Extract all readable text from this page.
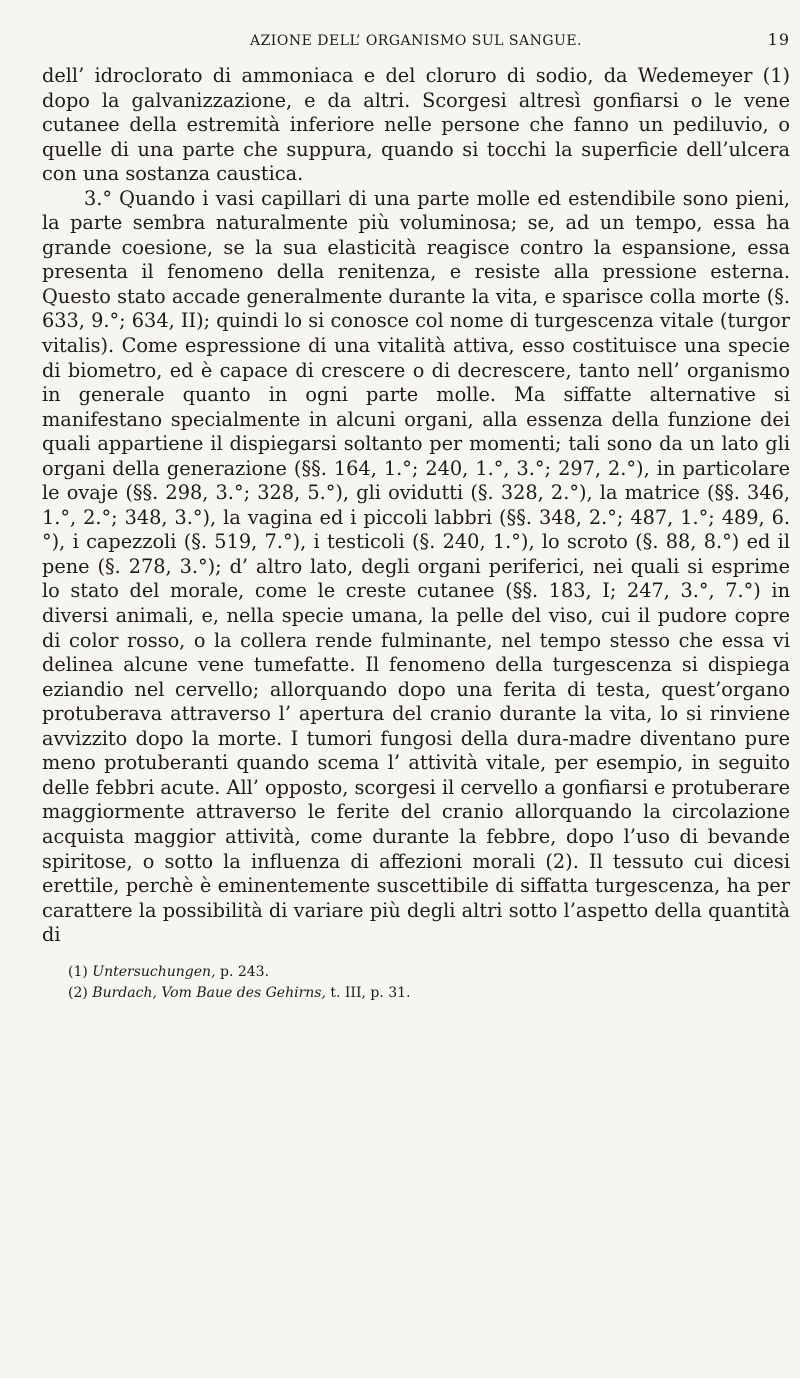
AZIONE DELL’ ORGANISMO SUL SANGUE.	19

dell’ idroclorato di ammoniaca e del cloruro di sodio, da Wedemeyer (1) dopo la galvanizzazione, e da altri. Scorgesi altresì gonfiarsi o le vene cutanee della estremità inferiore nelle persone che fanno un pediluvio, o quelle di una parte che suppura, quando si tocchi la superficie dell’ulcera con una sostanza caustica.

3.° Quando i vasi capillari di una parte molle ed estendibile sono pieni, la parte sembra naturalmente più voluminosa; se, ad un tempo, essa ha grande coesione, se la sua elasticità reagisce contro la espansione, essa presenta il fenomeno della renitenza, e resiste alla pressione esterna. Questo stato accade generalmente durante la vita, e sparisce colla morte (§. 633, 9.°; 634, II); quindi lo si conosce col nome di turgescenza vitale (turgor vitalis). Come espressione di una vitalità attiva, esso costituisce una specie di biometro, ed è capace di crescere o di decrescere, tanto nell’ organismo in generale quanto in ogni parte molle. Ma siffatte alternative si manifestano specialmente in alcuni organi, alla essenza della funzione dei quali appartiene il dispiegarsi soltanto per momenti; tali sono da un lato gli organi della generazione (§§. 164, 1.°; 240, 1.°, 3.°; 297, 2.°), in particolare le ovaje (§§. 298, 3.°; 328, 5.°), gli ovidutti (§. 328, 2.°), la matrice (§§. 346, 1.°, 2.°; 348, 3.°), la vagina ed i piccoli labbri (§§. 348, 2.°; 487, 1.°; 489, 6.°), i capezzoli (§. 519, 7.°), i testicoli (§. 240, 1.°), lo scroto (§. 88, 8.°) ed il pene (§. 278, 3.°); d’ altro lato, degli organi periferici, nei quali si esprime lo stato del morale, come le creste cutanee (§§. 183, I; 247, 3.°, 7.°) in diversi animali, e, nella specie umana, la pelle del viso, cui il pudore copre di color rosso, o la collera rende fulminante, nel tempo stesso che essa vi delinea alcune vene tumefatte. Il fenomeno della turgescenza si dispiega eziandio nel cervello; allorquando dopo una ferita di testa, quest’organo protuberava attraverso l’ apertura del cranio durante la vita, lo si rinviene avvizzito dopo la morte. I tumori fungosi della dura-madre diventano pure meno protuberanti quando scema l’ attività vitale, per esempio, in seguito delle febbri acute. All’ opposto, scorgesi il cervello a gonfiarsi e protuberare maggiormente attraverso le ferite del cranio allorquando la circolazione acquista maggior attività, come durante la febbre, dopo l’uso di bevande spiritose, o sotto la influenza di affezioni morali (2). Il tessuto cui dicesi erettile, perchè è eminentemente suscettibile di siffatta turgescenza, ha per carattere la possibilità di variare più degli altri sotto l’aspetto della quantità di

(1) Untersuchungen, p. 243.
(2) Burdach, Vom Baue des Gehirns, t. III, p. 31.
